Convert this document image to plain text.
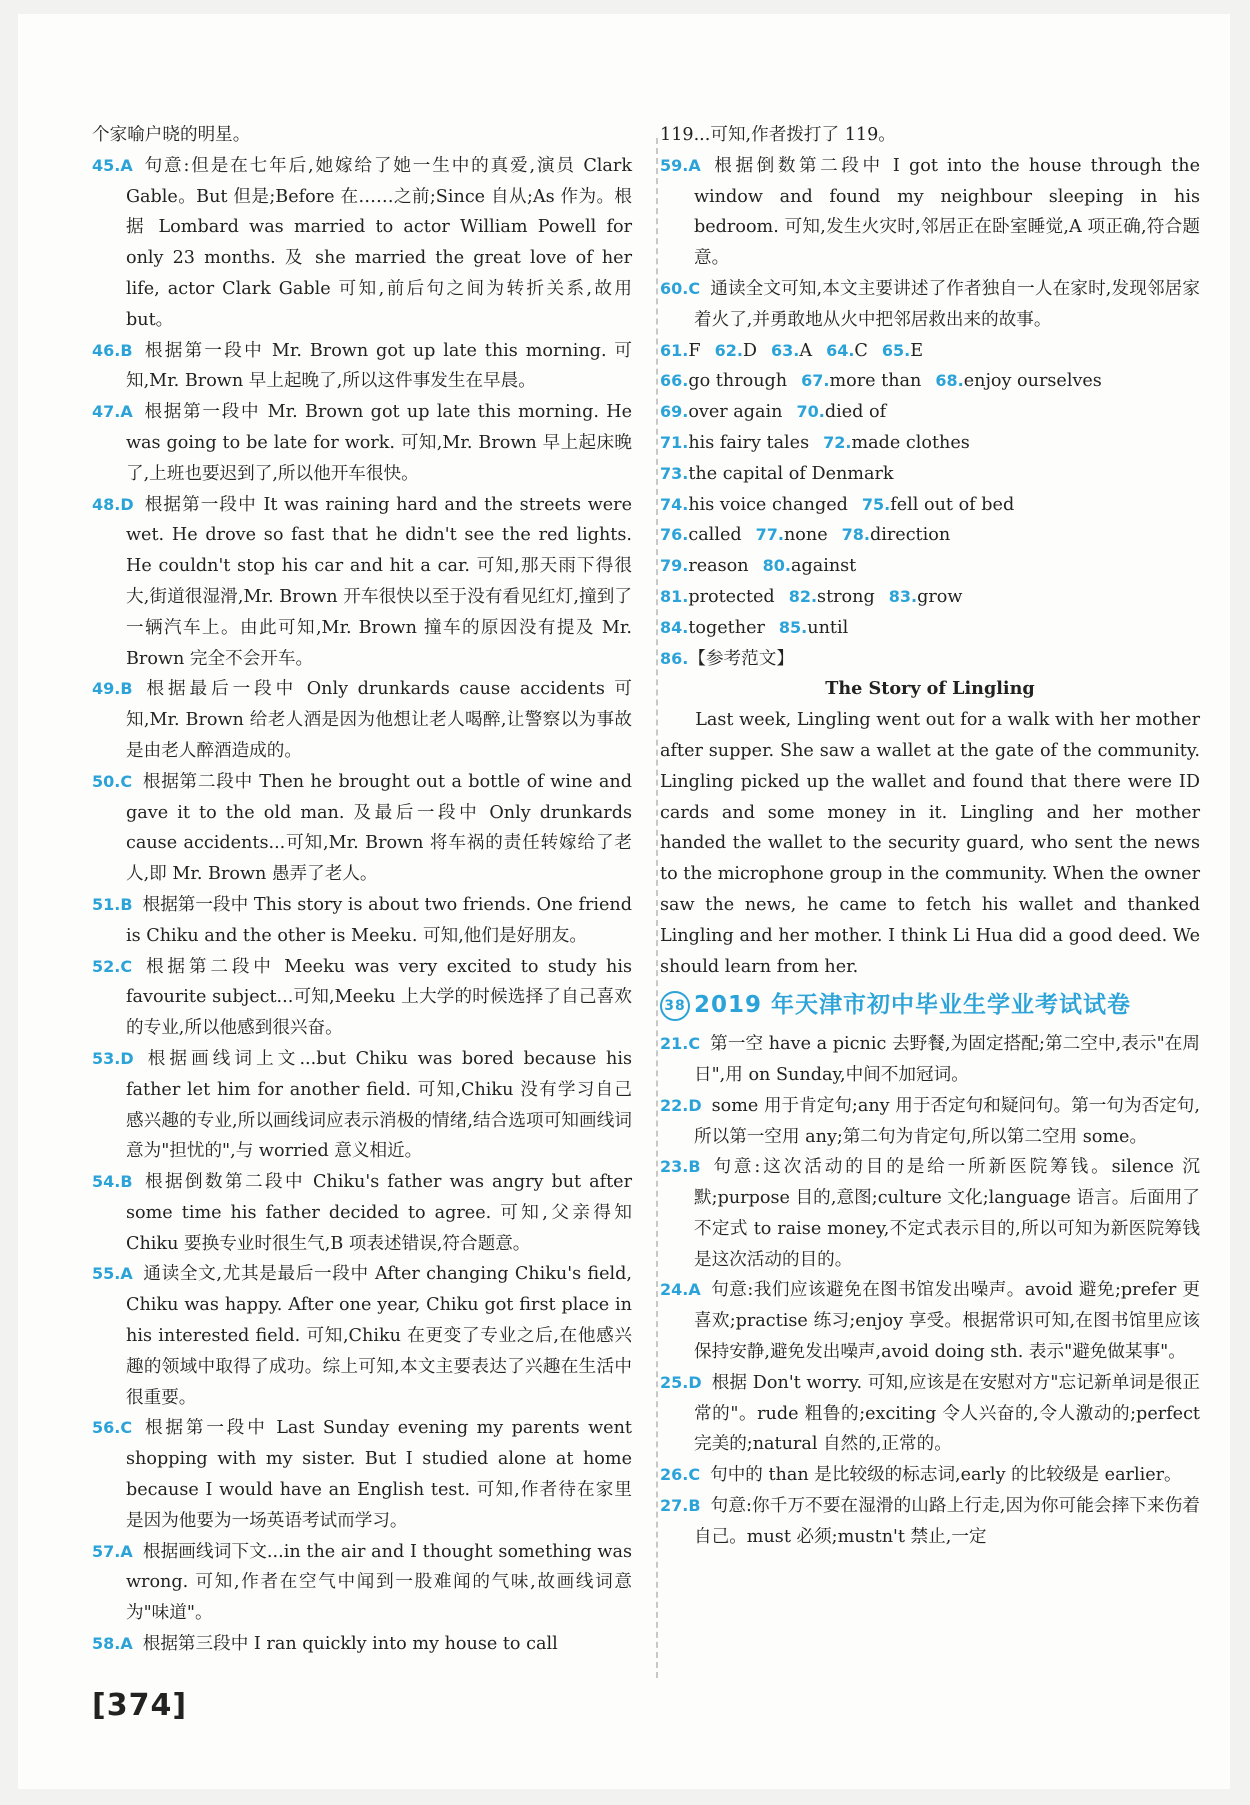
个家喻户晓的明星。

45.A 句意:但是在七年后,她嫁给了她一生中的真爱,演员 Clark Gable。But 但是;Before 在……之前;Since 自从;As 作为。根据 Lombard was married to actor William Powell for only 23 months. 及 she married the great love of her life, actor Clark Gable 可知,前后句之间为转折关系,故用 but。

46.B 根据第一段中 Mr. Brown got up late this morning. 可知,Mr. Brown 早上起晚了,所以这件事发生在早晨。

47.A 根据第一段中 Mr. Brown got up late this morning. He was going to be late for work. 可知,Mr. Brown 早上起床晚了,上班也要迟到了,所以他开车很快。

48.D 根据第一段中 It was raining hard and the streets were wet. He drove so fast that he didn't see the red lights. He couldn't stop his car and hit a car. 可知,那天雨下得很大,街道很湿滑,Mr. Brown 开车很快以至于没有看见红灯,撞到了一辆汽车上。由此可知,Mr. Brown 撞车的原因没有提及 Mr. Brown 完全不会开车。

49.B 根据最后一段中 Only drunkards cause accidents 可知,Mr. Brown 给老人酒是因为他想让老人喝醉,让警察以为事故是由老人醉酒造成的。

50.C 根据第二段中 Then he brought out a bottle of wine and gave it to the old man. 及最后一段中 Only drunkards cause accidents...可知,Mr. Brown 将车祸的责任转嫁给了老人,即 Mr. Brown 愚弄了老人。

51.B 根据第一段中 This story is about two friends. One friend is Chiku and the other is Meeku. 可知,他们是好朋友。

52.C 根据第二段中 Meeku was very excited to study his favourite subject...可知,Meeku 上大学的时候选择了自己喜欢的专业,所以他感到很兴奋。

53.D 根据画线词上文...but Chiku was bored because his father let him for another field. 可知,Chiku 没有学习自己感兴趣的专业,所以画线词应表示消极的情绪,结合选项可知画线词意为"担忧的",与 worried 意义相近。

54.B 根据倒数第二段中 Chiku's father was angry but after some time his father decided to agree. 可知,父亲得知 Chiku 要换专业时很生气,B 项表述错误,符合题意。

55.A 通读全文,尤其是最后一段中 After changing Chiku's field, Chiku was happy. After one year, Chiku got first place in his interested field. 可知,Chiku 在更变了专业之后,在他感兴趣的领域中取得了成功。综上可知,本文主要表达了兴趣在生活中很重要。

56.C 根据第一段中 Last Sunday evening my parents went shopping with my sister. But I studied alone at home because I would have an English test. 可知,作者待在家里是因为他要为一场英语考试而学习。

57.A 根据画线词下文...in the air and I thought something was wrong. 可知,作者在空气中闻到一股难闻的气味,故画线词意为"味道"。

58.A 根据第三段中 I ran quickly into my house to call

119...可知,作者拨打了 119。

59.A 根据倒数第二段中 I got into the house through the window and found my neighbour sleeping in his bedroom. 可知,发生火灾时,邻居正在卧室睡觉,A 项正确,符合题意。

60.C 通读全文可知,本文主要讲述了作者独自一人在家时,发现邻居家着火了,并勇敢地从火中把邻居救出来的故事。

61.F 62.D 63.A 64.C 65.E

66.go through 67.more than 68.enjoy ourselves

69.over again 70.died of

71.his fairy tales 72.made clothes

73.the capital of Denmark

74.his voice changed 75.fell out of bed

76.called 77.none 78.direction

79.reason 80.against

81.protected 82.strong 83.grow

84.together 85.until

86.【参考范文】

The Story of Lingling

Last week, Lingling went out for a walk with her mother after supper. She saw a wallet at the gate of the community. Lingling picked up the wallet and found that there were ID cards and some money in it. Lingling and her mother handed the wallet to the security guard, who sent the news to the microphone group in the community. When the owner saw the news, he came to fetch his wallet and thanked Lingling and her mother. I think Li Hua did a good deed. We should learn from her.

38 2019 年天津市初中毕业生学业考试试卷

21.C 第一空 have a picnic 去野餐,为固定搭配;第二空中,表示"在周日",用 on Sunday,中间不加冠词。

22.D some 用于肯定句;any 用于否定句和疑问句。第一句为否定句,所以第一空用 any;第二句为肯定句,所以第二空用 some。

23.B 句意:这次活动的目的是给一所新医院筹钱。silence 沉默;purpose 目的,意图;culture 文化;language 语言。后面用了不定式 to raise money,不定式表示目的,所以可知为新医院筹钱是这次活动的目的。

24.A 句意:我们应该避免在图书馆发出噪声。avoid 避免;prefer 更喜欢;practise 练习;enjoy 享受。根据常识可知,在图书馆里应该保持安静,避免发出噪声,avoid doing sth. 表示"避免做某事"。

25.D 根据 Don't worry. 可知,应该是在安慰对方"忘记新单词是很正常的"。rude 粗鲁的;exciting 令人兴奋的,令人激动的;perfect 完美的;natural 自然的,正常的。

26.C 句中的 than 是比较级的标志词,early 的比较级是 earlier。

27.B 句意:你千万不要在湿滑的山路上行走,因为你可能会摔下来伤着自己。must 必须;mustn't 禁止,一定

[374]
